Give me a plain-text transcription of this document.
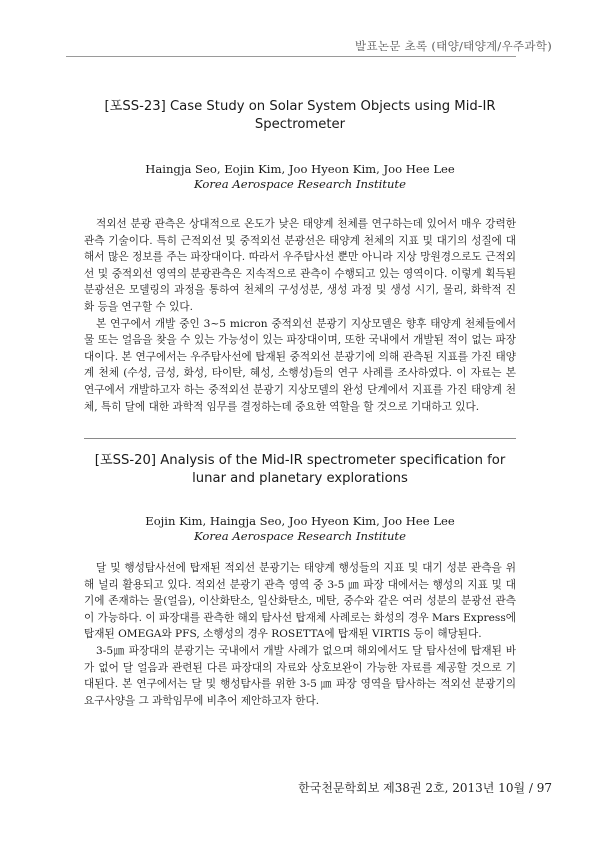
발표논문 초록 (태양/태양계/우주과학)
[포SS-23] Case Study on Solar System Objects using Mid-IR Spectrometer
Haingja Seo, Eojin Kim, Joo Hyeon Kim, Joo Hee Lee
Korea Aerospace Research Institute

적외선 분광 관측은 상대적으로 온도가 낮은 태양계 천체를 연구하는데 있어서 매우 강력한 관측 기술이다. 특히 근적외선 및 중적외선 분광선은 태양계 천체의 지표 및 대기의 성질에 대해서 많은 정보를 주는 파장대이다. 따라서 우주탐사선 뿐만 아니라 지상 망원경으로도 근적외선 및 중적외선 영역의 분광관측은 지속적으로 관측이 수행되고 있는 영역이다. 이렇게 획득된 분광선은 모델링의 과정을 통하여 천체의 구성성분, 생성 과정 및 생성 시기, 물리, 화학적 진화 등을 연구할 수 있다.

본 연구에서 개발 중인 3~5 micron 중적외선 분광기 지상모델은 향후 태양계 천체들에서 물 또는 얼음을 찾을 수 있는 가능성이 있는 파장대이며, 또한 국내에서 개발된 적이 없는 파장대이다. 본 연구에서는 우주탐사선에 탑재된 중적외선 분광기에 의해 관측된 지표를 가진 태양계 천체 (수성, 금성, 화성, 타이탄, 혜성, 소행성)들의 연구 사례를 조사하였다. 이 자료는 본 연구에서 개발하고자 하는 중적외선 분광기 지상모델의 완성 단계에서 지표를 가진 태양계 천체, 특히 달에 대한 과학적 임무를 결정하는데 중요한 역할을 할 것으로 기대하고 있다.

[포SS-20] Analysis of the Mid-IR spectrometer specification for lunar and planetary explorations
Eojin Kim, Haingja Seo, Joo Hyeon Kim, Joo Hee Lee
Korea Aerospace Research Institute

달 및 행성탐사선에 탑재된 적외선 분광기는 태양계 행성들의 지표 및 대기 성분 관측을 위해 널리 활용되고 있다. 적외선 분광기 관측 영역 중 3-5 ㎛ 파장 대에서는 행성의 지표 및 대기에 존재하는 물(얼음), 이산화탄소, 일산화탄소, 메탄, 중수와 같은 여러 성분의 분광선 관측이 가능하다. 이 파장대를 관측한 해외 탐사선 탑재체 사례로는 화성의 경우 Mars Express에 탑재된 OMEGA와 PFS, 소행성의 경우 ROSETTA에 탑재된 VIRTIS 등이 해당된다.

3-5㎛ 파장대의 분광기는 국내에서 개발 사례가 없으며 해외에서도 달 탐사선에 탑재된 바가 없어 달 얼음과 관련된 다른 파장대의 자료와 상호보완이 가능한 자료를 제공할 것으로 기대된다. 본 연구에서는 달 및 행성탐사를 위한 3-5 ㎛ 파장 영역을 탐사하는 적외선 분광기의 요구사양을 그 과학임무에 비추어 제안하고자 한다.

한국천문학회보 제38권 2호, 2013년 10월 / 97
